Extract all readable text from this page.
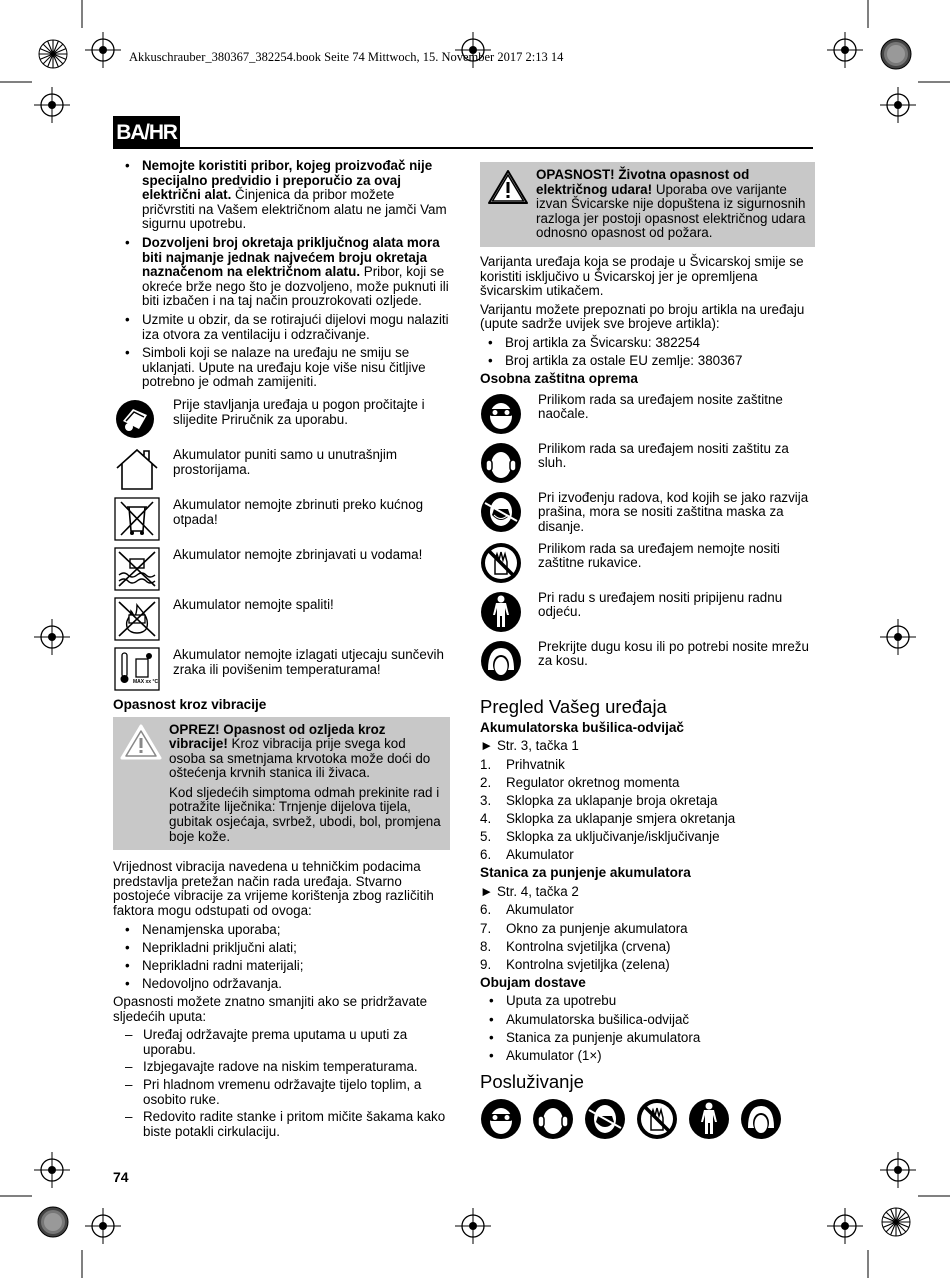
Akkuschrauber_380367_382254.book Seite 74 Mittwoch, 15. November 2017 2:13 14
BA/HR
• Nemojte koristiti pribor, kojeg proizvođač nije specijalno predvidio i preporučio za ovaj električni alat. Činjenica da pribor možete pričvrstiti na Vašem električnom alatu ne jamči Vam sigurnu upotrebu.
• Dozvoljeni broj okretaja priključnog alata mora biti najmanje jednak najvećem broju okretaja naznačenom na električnom alatu. Pribor, koji se okreće brže nego što je dozvoljeno, može puknuti ili biti izbačen i na taj način prouzrokovati ozljede.
• Uzmite u obzir, da se rotirajući dijelovi mogu nalaziti iza otvora za ventilaciju i odzračivanje.
• Simboli koji se nalaze na uređaju ne smiju se uklanjati. Upute na uređaju koje više nisu čitljive potrebno je odmah zamijeniti.
Prije stavljanja uređaja u pogon pročitajte i slijedite Priručnik za uporabu.
Akumulator puniti samo u unutrašnjim prostorijama.
Akumulator nemojte zbrinuti preko kućnog otpada!
Akumulator nemojte zbrinjavati u vodama!
Akumulator nemojte spaliti!
MAX xx °C
Akumulator nemojte izlagati utjecaju sunčevih zraka ili povišenim temperaturama!
Opasnost kroz vibracije

OPREZ! Opasnost od ozljeda kroz vibracije! Kroz vibracija prije svega kod osoba sa smetnjama krvotoka može doći do oštećenja krvnih stanica ili živaca.

Kod sljedećih simptoma odmah prekinite rad i potražite liječnika: Trnjenje dijelova tijela, gubitak osjećaja, svrbež, ubodi, bol, promjena boje kože.

Vrijednost vibracija navedena u tehničkim podacima predstavlja pretežan način rada uređaja. Stvarno postojeće vibracije za vrijeme korištenja zbog različitih faktora mogu odstupati od ovoga:

• Nenamjenska uporaba;
• Neprikladni priključni alati;
• Neprikladni radni materijali;
• Nedovoljno održavanja.

Opasnosti možete znatno smanjiti ako se pridržavate sljedećih uputa:

– Uređaj održavajte prema uputama u uputi za uporabu.
– Izbjegavajte radove na niskim temperaturama.
– Pri hladnom vremenu održavajte tijelo toplim, a osobito ruke.
– Redovito radite stanke i pritom mičite šakama kako biste potakli cirkulaciju.

OPASNOST! Životna opasnost od električnog udara! Uporaba ove varijante izvan Švicarske nije dopuštena iz sigurnosnih razloga jer postoji opasnost električnog udara odnosno opasnost od požara.

Varijanta uređaja koja se prodaje u Švicarskoj smije se koristiti isključivo u Švicarskoj jer je opremljena švicarskim utikačem.

Varijantu možete prepoznati po broju artikla na uređaju (upute sadrže uvijek sve brojeve artikla):

• Broj artikla za Švicarsku: 382254
• Broj artikla za ostale EU zemlje: 380367
Osobna zaštitna oprema
Prilikom rada sa uređajem nosite zaštitne naočale.
Prilikom rada sa uređajem nositi zaštitu za sluh.
Pri izvođenju radova, kod kojih se jako razvija prašina, mora se nositi zaštitna maska za disanje.
Prilikom rada sa uređajem nemojte nositi zaštitne rukavice.
Pri radu s uređajem nositi pripijenu radnu odjeću.
Prekrijte dugu kosu ili po potrebi nosite mrežu za kosu.
Pregled Vašeg uređaja
Akumulatorska bušilica-odvijač
► Str. 3, tačka 1
1. Prihvatnik
2. Regulator okretnog momenta
3. Sklopka za uklapanje broja okretaja
4. Sklopka za uklapanje smjera okretanja
5. Sklopka za uključivanje/isključivanje
6. Akumulator
Stanica za punjenje akumulatora
► Str. 4, tačka 2
6. Akumulator
7. Okno za punjenje akumulatora
8. Kontrolna svjetiljka (crvena)
9. Kontrolna svjetiljka (zelena)
Obujam dostave
• Uputa za upotrebu
• Akumulatorska bušilica-odvijač
• Stanica za punjenje akumulatora
• Akumulator (1×)
Posluživanje
74
